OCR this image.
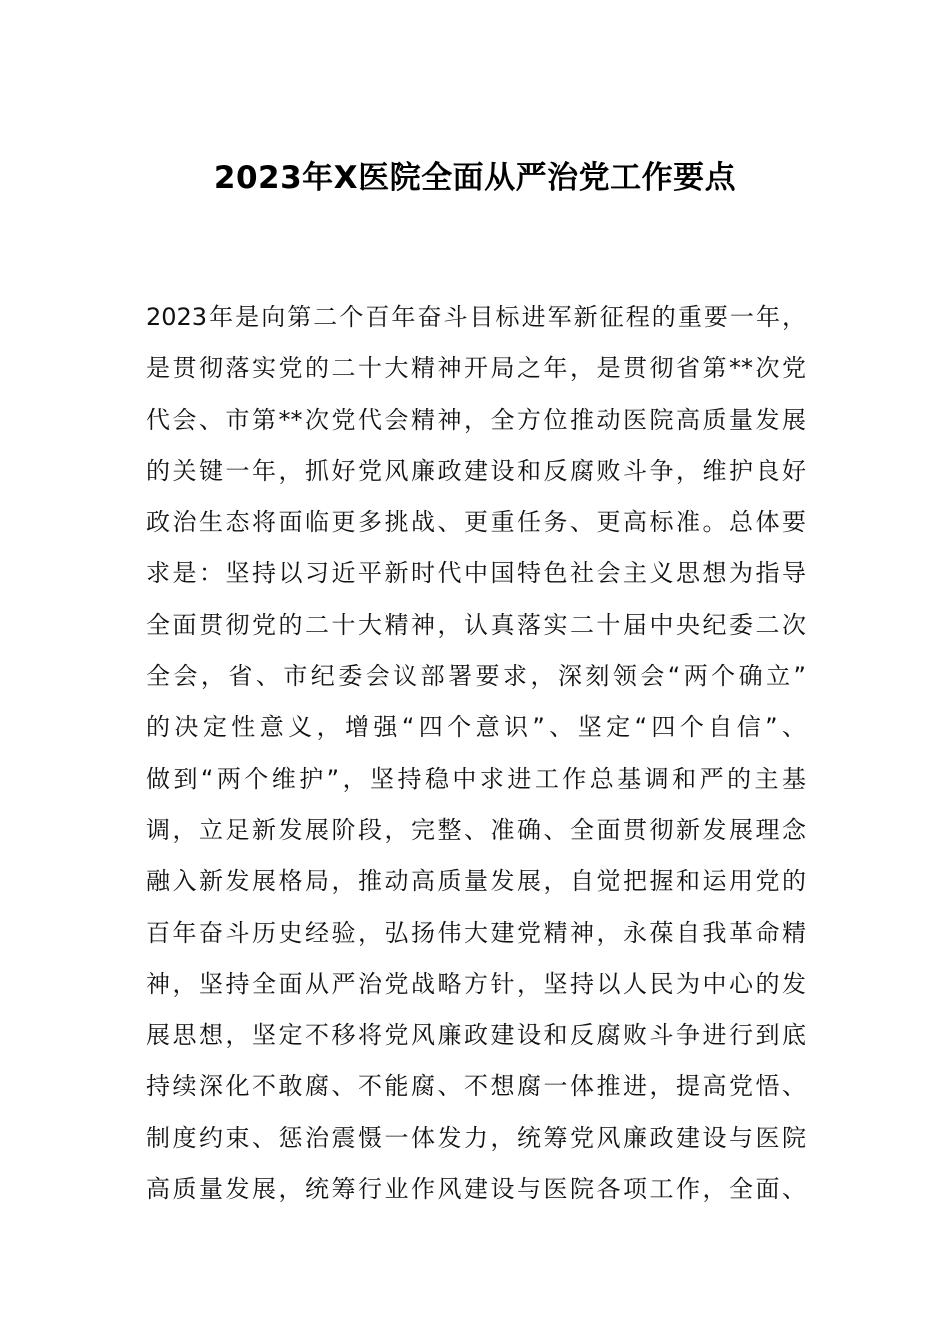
2023年X医院全面从严治党工作要点
2023年是向第二个百年奋斗目标进军新征程的重要一年，
是贯彻落实党的二十大精神开局之年，是贯彻省第**次党
代会、市第**次党代会精神，全方位推动医院高质量发展
的关键一年，抓好党风廉政建设和反腐败斗争，维护良好
政治生态将面临更多挑战、更重任务、更高标准。总体要
求是：坚持以习近平新时代中国特色社会主义思想为指导
全面贯彻党的二十大精神，认真落实二十届中央纪委二次
全会，省、市纪委会议部署要求，深刻领会“两个确立”
的决定性意义，增强“四个意识”、坚定“四个自信”、
做到“两个维护”，坚持稳中求进工作总基调和严的主基
调，立足新发展阶段，完整、准确、全面贯彻新发展理念
融入新发展格局，推动高质量发展，自觉把握和运用党的
百年奋斗历史经验，弘扬伟大建党精神，永葆自我革命精
神，坚持全面从严治党战略方针，坚持以人民为中心的发
展思想，坚定不移将党风廉政建设和反腐败斗争进行到底
持续深化不敢腐、不能腐、不想腐一体推进，提高党悟、
制度约束、惩治震慑一体发力，统筹党风廉政建设与医院
高质量发展，统筹行业作风建设与医院各项工作，全面、
